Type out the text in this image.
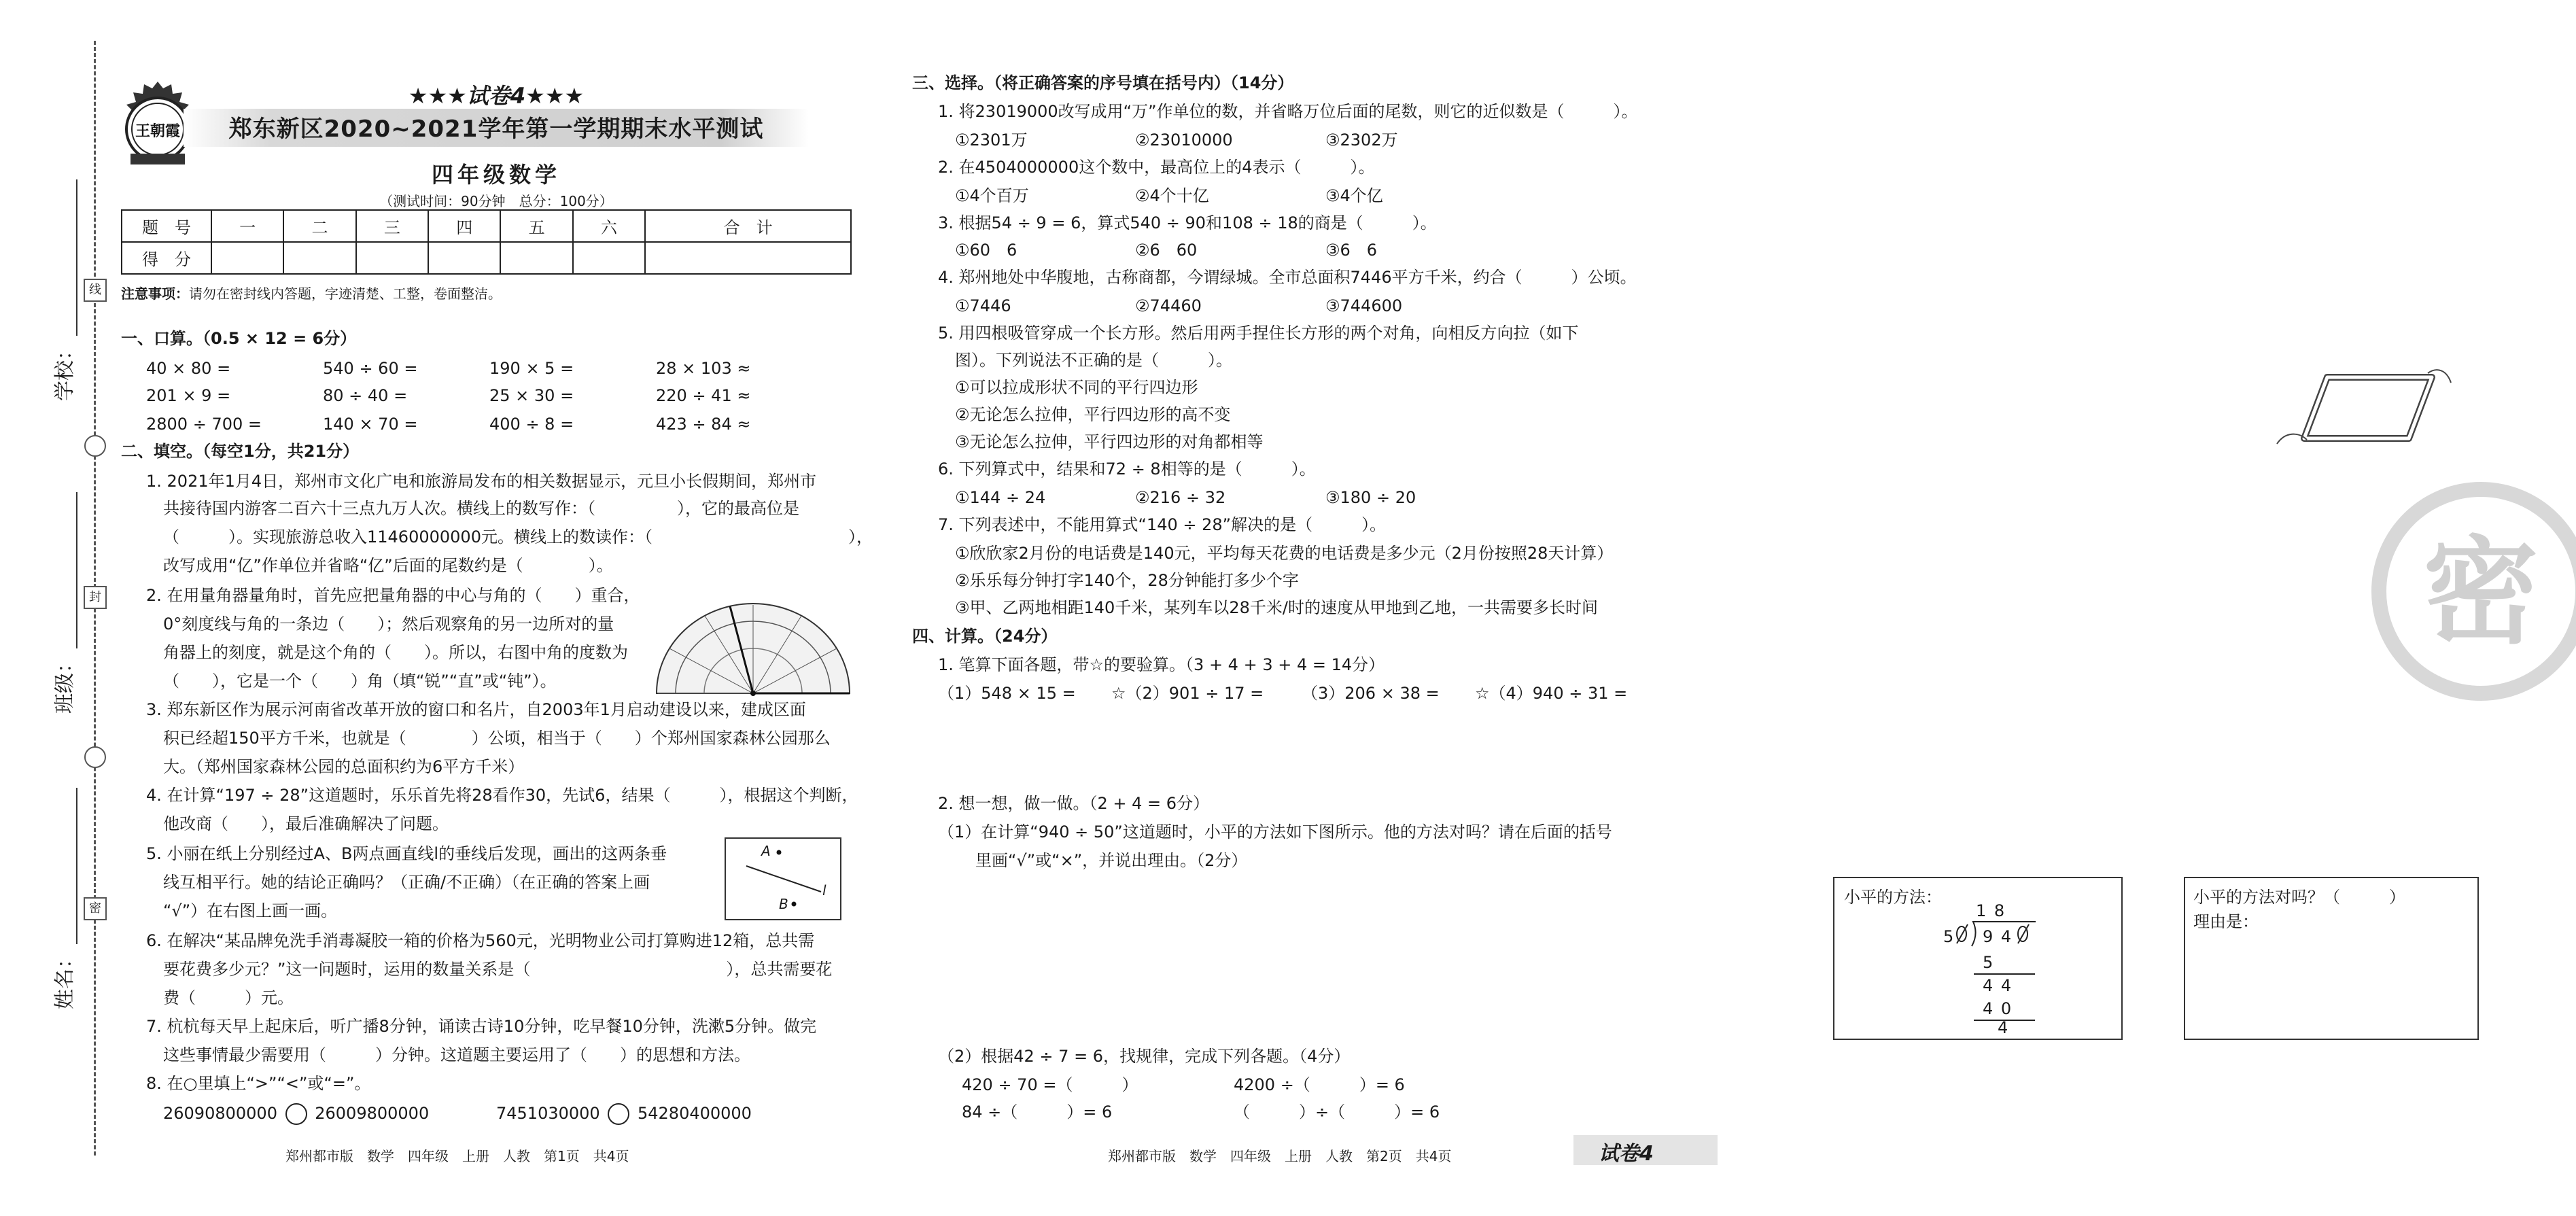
线
封
密
学校：
班级：
姓名：
王朝霞
★★★试卷4★★★
郑东新区2020~2021学年第一学期期末水平测试
四年级数学
（测试时间：90分钟　总分：100分）
题　号	一	二	三	四	五	六	合　计
得　分							
注意事项：请勿在密封线内答题，字迹清楚、工整，卷面整洁。
一、口算。（0.5 × 12 = 6分）
40 × 80 =	540 ÷ 60 =	190 × 5 =	28 × 103 ≈
201 × 9 =	80 ÷ 40 =	25 × 30 =	220 ÷ 41 ≈
2800 ÷ 700 =	140 × 70 =	400 ÷ 8 =	423 ÷ 84 ≈
二、填空。（每空1分，共21分）
1. 2021年1月4日，郑州市文化广电和旅游局发布的相关数据显示，元旦小长假期间，郑州市
共接待国内游客二百六十三点九万人次。横线上的数写作：（　　　　　），它的最高位是
（　　　）。实现旅游总收入11460000000元。横线上的数读作：（　　　　　　　　　　　　），
改写成用“亿”作单位并省略“亿”后面的尾数约是（　　　　）。
2. 在用量角器量角时，首先应把量角器的中心与角的（　　）重合，
0°刻度线与角的一条边（　　）；然后观察角的另一边所对的量
角器上的刻度，就是这个角的（　　）。所以，右图中角的度数为
（　　），它是一个（　　）角（填“锐”“直”或“钝”）。
3. 郑东新区作为展示河南省改革开放的窗口和名片，自2003年1月启动建设以来，建成区面
积已经超150平方千米，也就是（　　　　）公顷，相当于（　　）个郑州国家森林公园那么
大。（郑州国家森林公园的总面积约为6平方千米）
4. 在计算“197 ÷ 28”这道题时，乐乐首先将28看作30，先试6，结果（　　　），根据这个判断，
他改商（　　），最后准确解决了问题。
5. 小丽在纸上分别经过A、B两点画直线l的垂线后发现，画出的这两条垂
线互相平行。她的结论正确吗？（正确/不正确）（在正确的答案上画
“√”）在右图上画一画。
A
B
l
6. 在解决“某品牌免洗手消毒凝胶一箱的价格为560元，光明物业公司打算购进12箱，总共需
要花费多少元？”这一问题时，运用的数量关系是（　　　　　　　　　　　　），总共需要花
费（　　　）元。
7. 杭杭每天早上起床后，听广播8分钟，诵读古诗10分钟，吃早餐10分钟，洗漱5分钟。做完
这些事情最少需要用（　　　）分钟。这道题主要运用了（　　）的思想和方法。
8. 在○里填上“>”“<”或“=”。
26090800000 26009800000	7451030000 54280400000
郑州都市版　数学　四年级　上册　人教　第1页　共4页
密
三、选择。（将正确答案的序号填在括号内）（14分）
1. 将23019000改写成用“万”作单位的数，并省略万位后面的尾数，则它的近似数是（　　　）。
①2301万	②23010000	③2302万
2. 在4504000000这个数中，最高位上的4表示（　　　）。
①4个百万	②4个十亿	③4个亿
3. 根据54 ÷ 9 = 6，算式540 ÷ 90和108 ÷ 18的商是（　　　）。
①60　6	②6　60	③6　6
4. 郑州地处中华腹地，古称商都，今谓绿城。全市总面积7446平方千米，约合（　　　）公顷。
①7446	②74460	③744600
5. 用四根吸管穿成一个长方形。然后用两手捏住长方形的两个对角，向相反方向拉（如下
图）。下列说法不正确的是（　　　）。
①可以拉成形状不同的平行四边形
②无论怎么拉伸，平行四边形的高不变
③无论怎么拉伸，平行四边形的对角都相等
6. 下列算式中，结果和72 ÷ 8相等的是（　　　）。
①144 ÷ 24	②216 ÷ 32	③180 ÷ 20
7. 下列表述中，不能用算式“140 ÷ 28”解决的是（　　　）。
①欣欣家2月份的电话费是140元，平均每天花费的电话费是多少元（2月份按照28天计算）
②乐乐每分钟打字140个，28分钟能打多少个字
③甲、乙两地相距140千米，某列车以28千米/时的速度从甲地到乙地，一共需要多长时间
四、计算。（24分）
1. 笔算下面各题，带☆的要验算。（3 + 4 + 3 + 4 = 14分）
（1）548 × 15 = ☆（2）901 ÷ 17 = （3）206 × 38 = ☆（4）940 ÷ 31 =
2. 想一想，做一做。（2 + 4 = 6分）
（1）在计算“940 ÷ 50”这道题时，小平的方法如下图所示。他的方法对吗？请在后面的括号
里画“√”或“×”，并说出理由。（2分）
小平的方法：
1 8
5 9 4
5
4 4
4 0
4
小平的方法对吗？（　　　）
理由是：
（2）根据42 ÷ 7 = 6，找规律，完成下列各题。（4分）
420 ÷ 70 =（　　　）	4200 ÷（　　　）= 6
84 ÷（　　　）= 6	（　　　）÷（　　　）= 6
郑州都市版　数学　四年级　上册　人教　第2页　共4页	试卷4
